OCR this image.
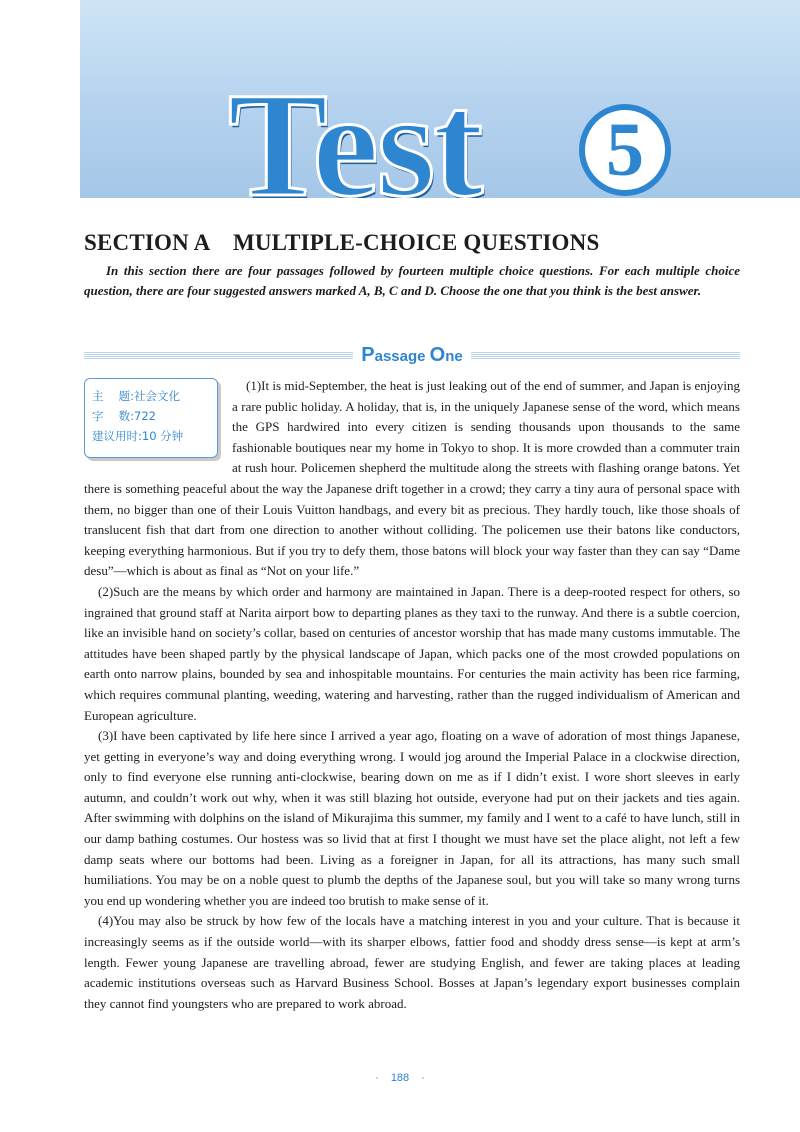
Test	5
SECTION A    MULTIPLE-CHOICE QUESTIONS
In this section there are four passages followed by fourteen multiple choice questions. For each multiple choice question, there are four suggested answers marked A, B, C and D. Choose the one that you think is the best answer.
Passage One

(1)It is mid-September, the heat is just leaking out of the end of summer, and Japan is enjoying a rare public holiday. A holiday, that is, in the uniquely Japanese sense of the word, which means the GPS hardwired into every citizen is sending thousands upon thousands to the same fashionable boutiques near my home in Tokyo to shop. It is more crowded than a commuter train at rush hour. Policemen shepherd the multitude along the streets with flashing orange batons. Yet there is something peaceful about the way the Japanese drift together in a crowd; they carry a tiny aura of personal space with them, no bigger than one of their Louis Vuitton handbags, and every bit as precious. They hardly touch, like those shoals of translucent fish that dart from one direction to another without colliding. The policemen use their batons like conductors, keeping everything harmonious. But if you try to defy them, those batons will block your way faster than they can say “Dame desu”—which is about as final as “Not on your life.”

(2)Such are the means by which order and harmony are maintained in Japan. There is a deep-rooted respect for others, so ingrained that ground staff at Narita airport bow to departing planes as they taxi to the runway. And there is a subtle coercion, like an invisible hand on society’s collar, based on centuries of ancestor worship that has made many customs immutable. The attitudes have been shaped partly by the physical landscape of Japan, which packs one of the most crowded populations on earth onto narrow plains, bounded by sea and inhospitable mountains. For centuries the main activity has been rice farming, which requires communal planting, weeding, watering and harvesting, rather than the rugged individualism of American and European agriculture.

(3)I have been captivated by life here since I arrived a year ago, floating on a wave of adoration of most things Japanese, yet getting in everyone’s way and doing everything wrong. I would jog around the Imperial Palace in a clockwise direction, only to find everyone else running anti-clockwise, bearing down on me as if I didn’t exist. I wore short sleeves in early autumn, and couldn’t work out why, when it was still blazing hot outside, everyone had put on their jackets and ties again. After swimming with dolphins on the island of Mikurajima this summer, my family and I went to a café to have lunch, still in our damp bathing costumes. Our hostess was so livid that at first I thought we must have set the place alight, not left a few damp seats where our bottoms had been. Living as a foreigner in Japan, for all its attractions, has many such small humiliations. You may be on a noble quest to plumb the depths of the Japanese soul, but you will take so many wrong turns you end up wondering whether you are indeed too brutish to make sense of it.

(4)You may also be struck by how few of the locals have a matching interest in you and your culture. That is because it increasingly seems as if the outside world—with its sharper elbows, fattier food and shoddy dress sense—is kept at arm’s length. Fewer young Japanese are travelling abroad, fewer are studying English, and fewer are taking places at leading academic institutions overseas such as Harvard Business School. Bosses at Japan’s legendary export businesses complain they cannot find youngsters who are prepared to work abroad.

主　 题:社会文化
字　 数:722
建议用时:10 分钟
· 188 ·
